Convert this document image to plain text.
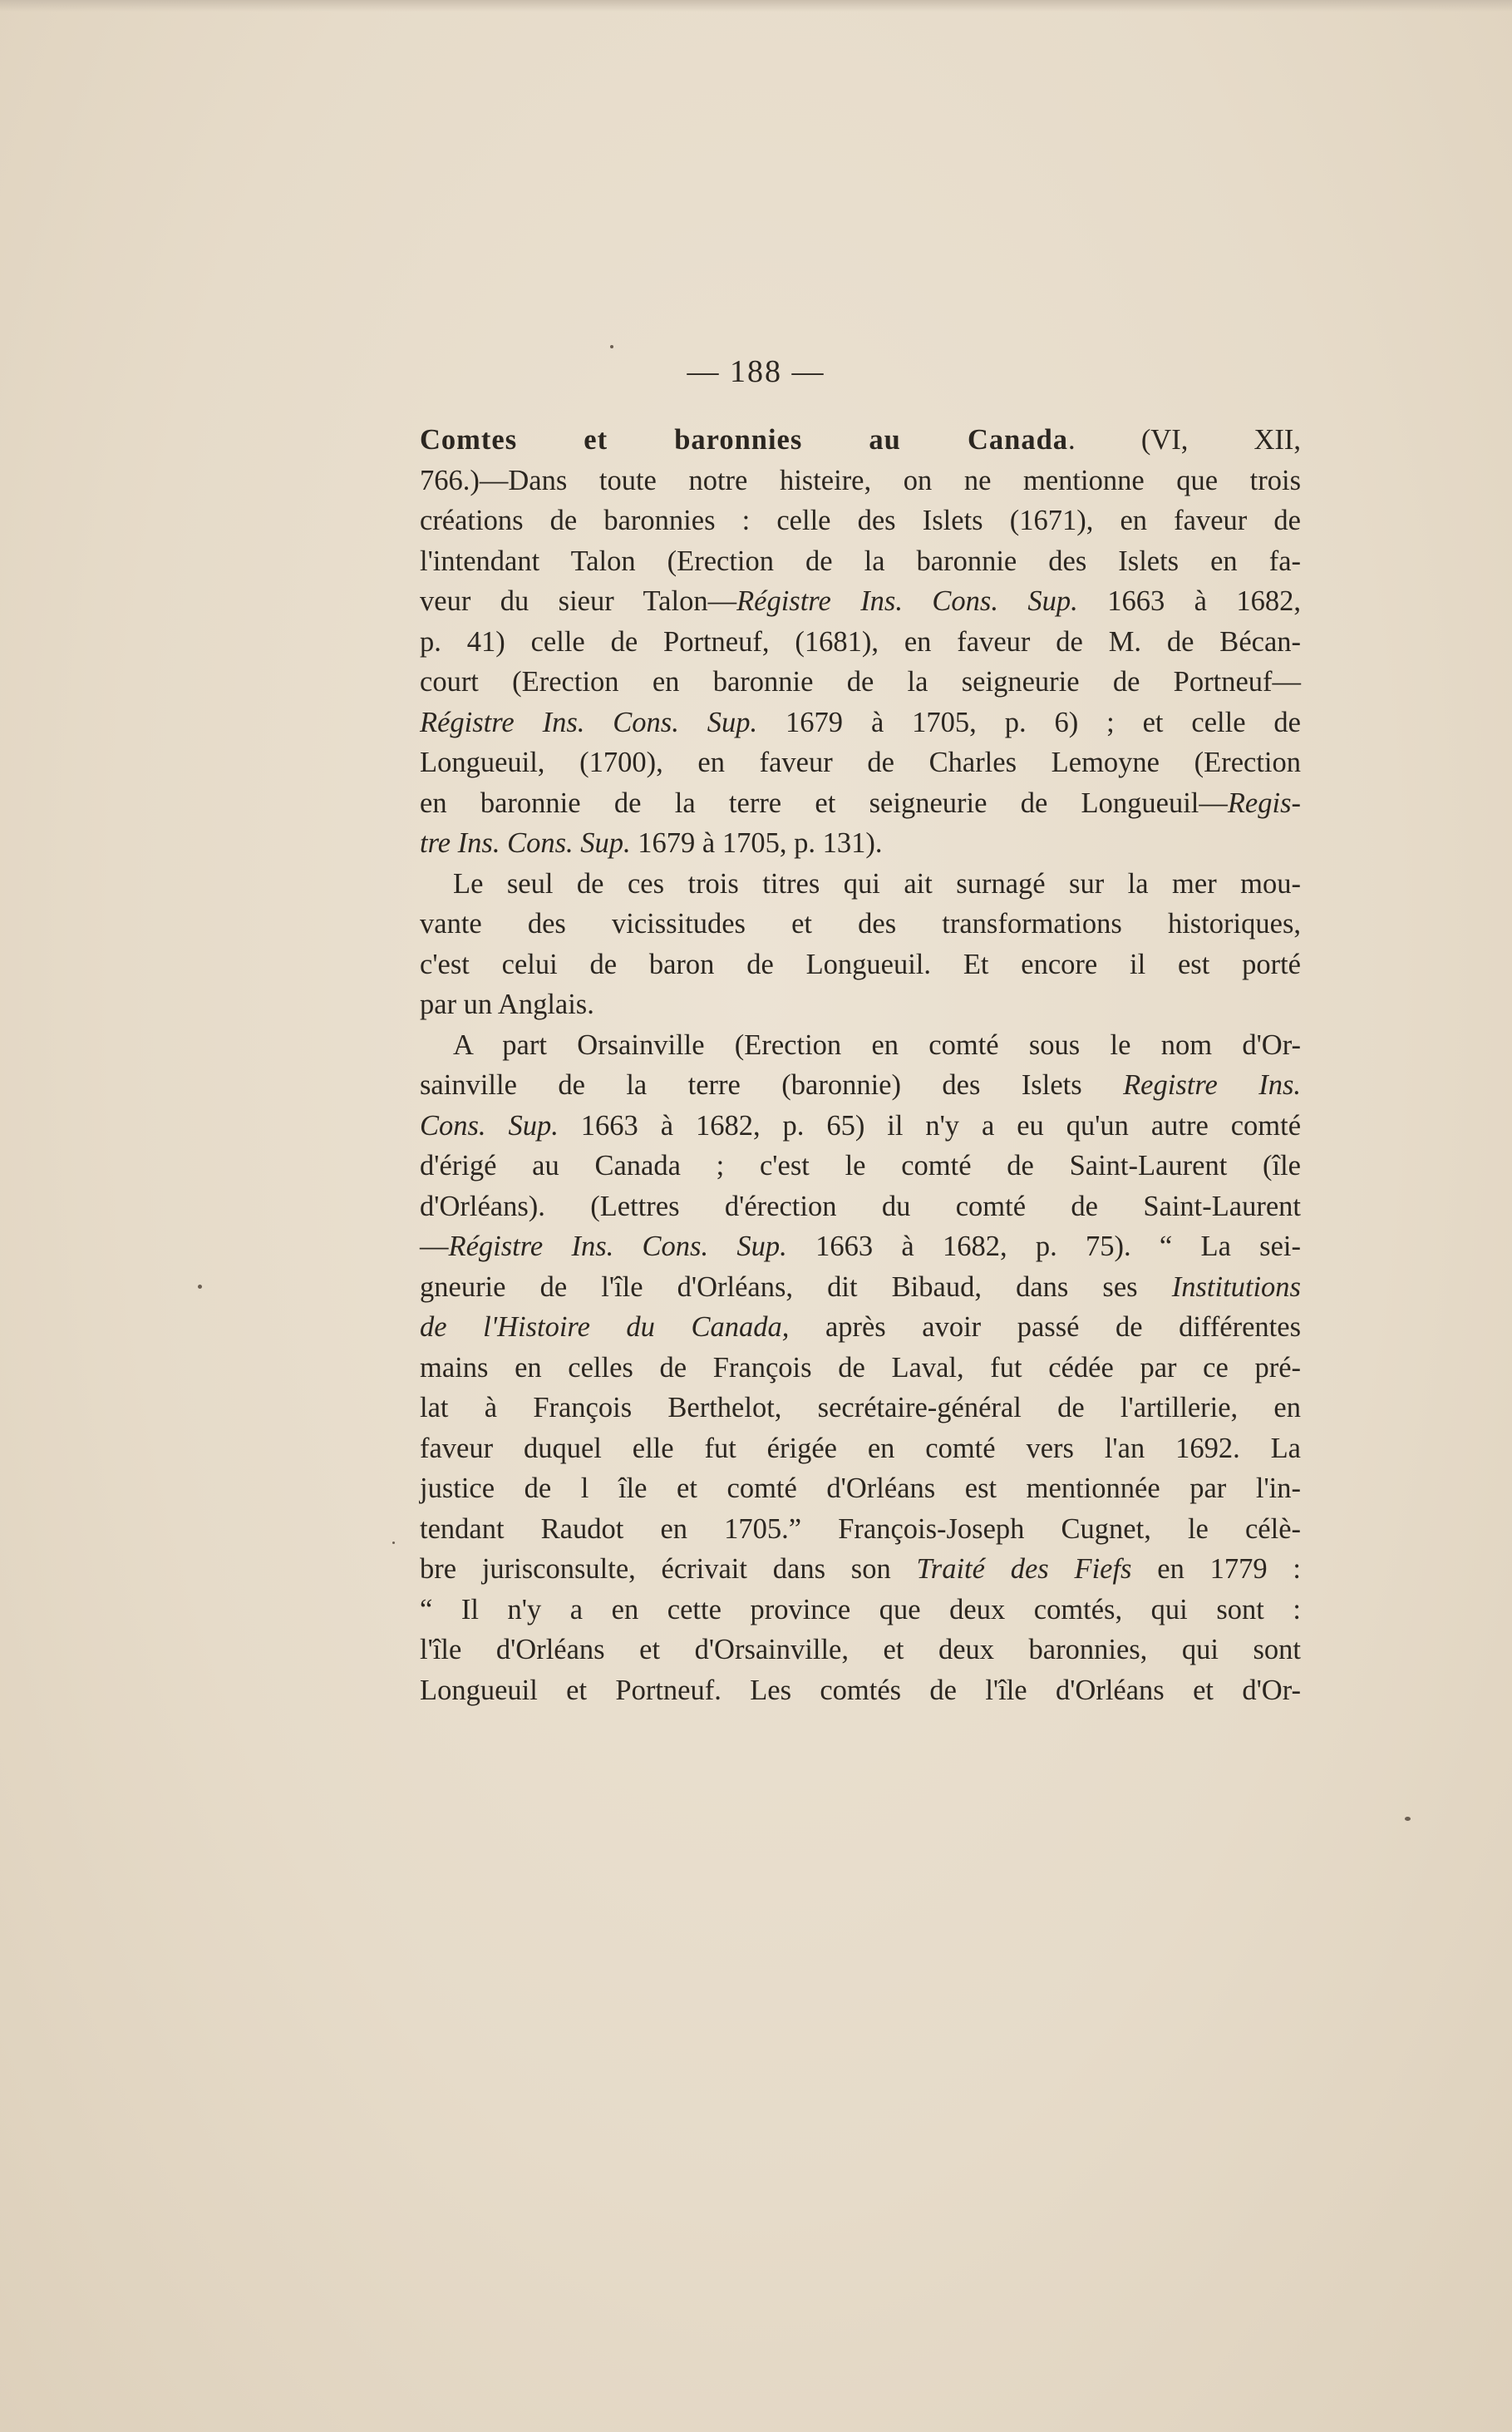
— 188 —
Comtes et baronnies au Canada. (VI, XII,
766.)—Dans toute notre histeire, on ne mentionne que trois
créations de baronnies : celle des Islets (1671), en faveur de
l'intendant Talon (Erection de la baronnie des Islets en fa-
veur du sieur Talon—Régistre Ins. Cons. Sup. 1663 à 1682,
p. 41) celle de Portneuf, (1681), en faveur de M. de Bécan-
court (Erection en baronnie de la seigneurie de Portneuf—
Régistre Ins. Cons. Sup. 1679 à 1705, p. 6) ; et celle de
Longueuil, (1700), en faveur de Charles Lemoyne (Erection
en baronnie de la terre et seigneurie de Longueuil—Regis-
tre Ins. Cons. Sup. 1679 à 1705, p. 131).
Le seul de ces trois titres qui ait surnagé sur la mer mou-
vante des vicissitudes et des transformations historiques,
c'est celui de baron de Longueuil. Et encore il est porté
par un Anglais.
A part Orsainville (Erection en comté sous le nom d'Or-
sainville de la terre (baronnie) des Islets Registre Ins.
Cons. Sup. 1663 à 1682, p. 65) il n'y a eu qu'un autre comté
d'érigé au Canada ; c'est le comté de Saint-Laurent (île
d'Orléans). (Lettres d'érection du comté de Saint-Laurent
—Régistre Ins. Cons. Sup. 1663 à 1682, p. 75). “ La sei-
gneurie de l'île d'Orléans, dit Bibaud, dans ses Institutions
de l'Histoire du Canada, après avoir passé de différentes
mains en celles de François de Laval, fut cédée par ce pré-
lat à François Berthelot, secrétaire-général de l'artillerie, en
faveur duquel elle fut érigée en comté vers l'an 1692. La
justice de l île et comté d'Orléans est mentionnée par l'in-
tendant Raudot en 1705.” François-Joseph Cugnet, le célè-
bre jurisconsulte, écrivait dans son Traité des Fiefs en 1779 :
“ Il n'y a en cette province que deux comtés, qui sont :
l'île d'Orléans et d'Orsainville, et deux baronnies, qui sont
Longueuil et Portneuf. Les comtés de l'île d'Orléans et d'Or-
